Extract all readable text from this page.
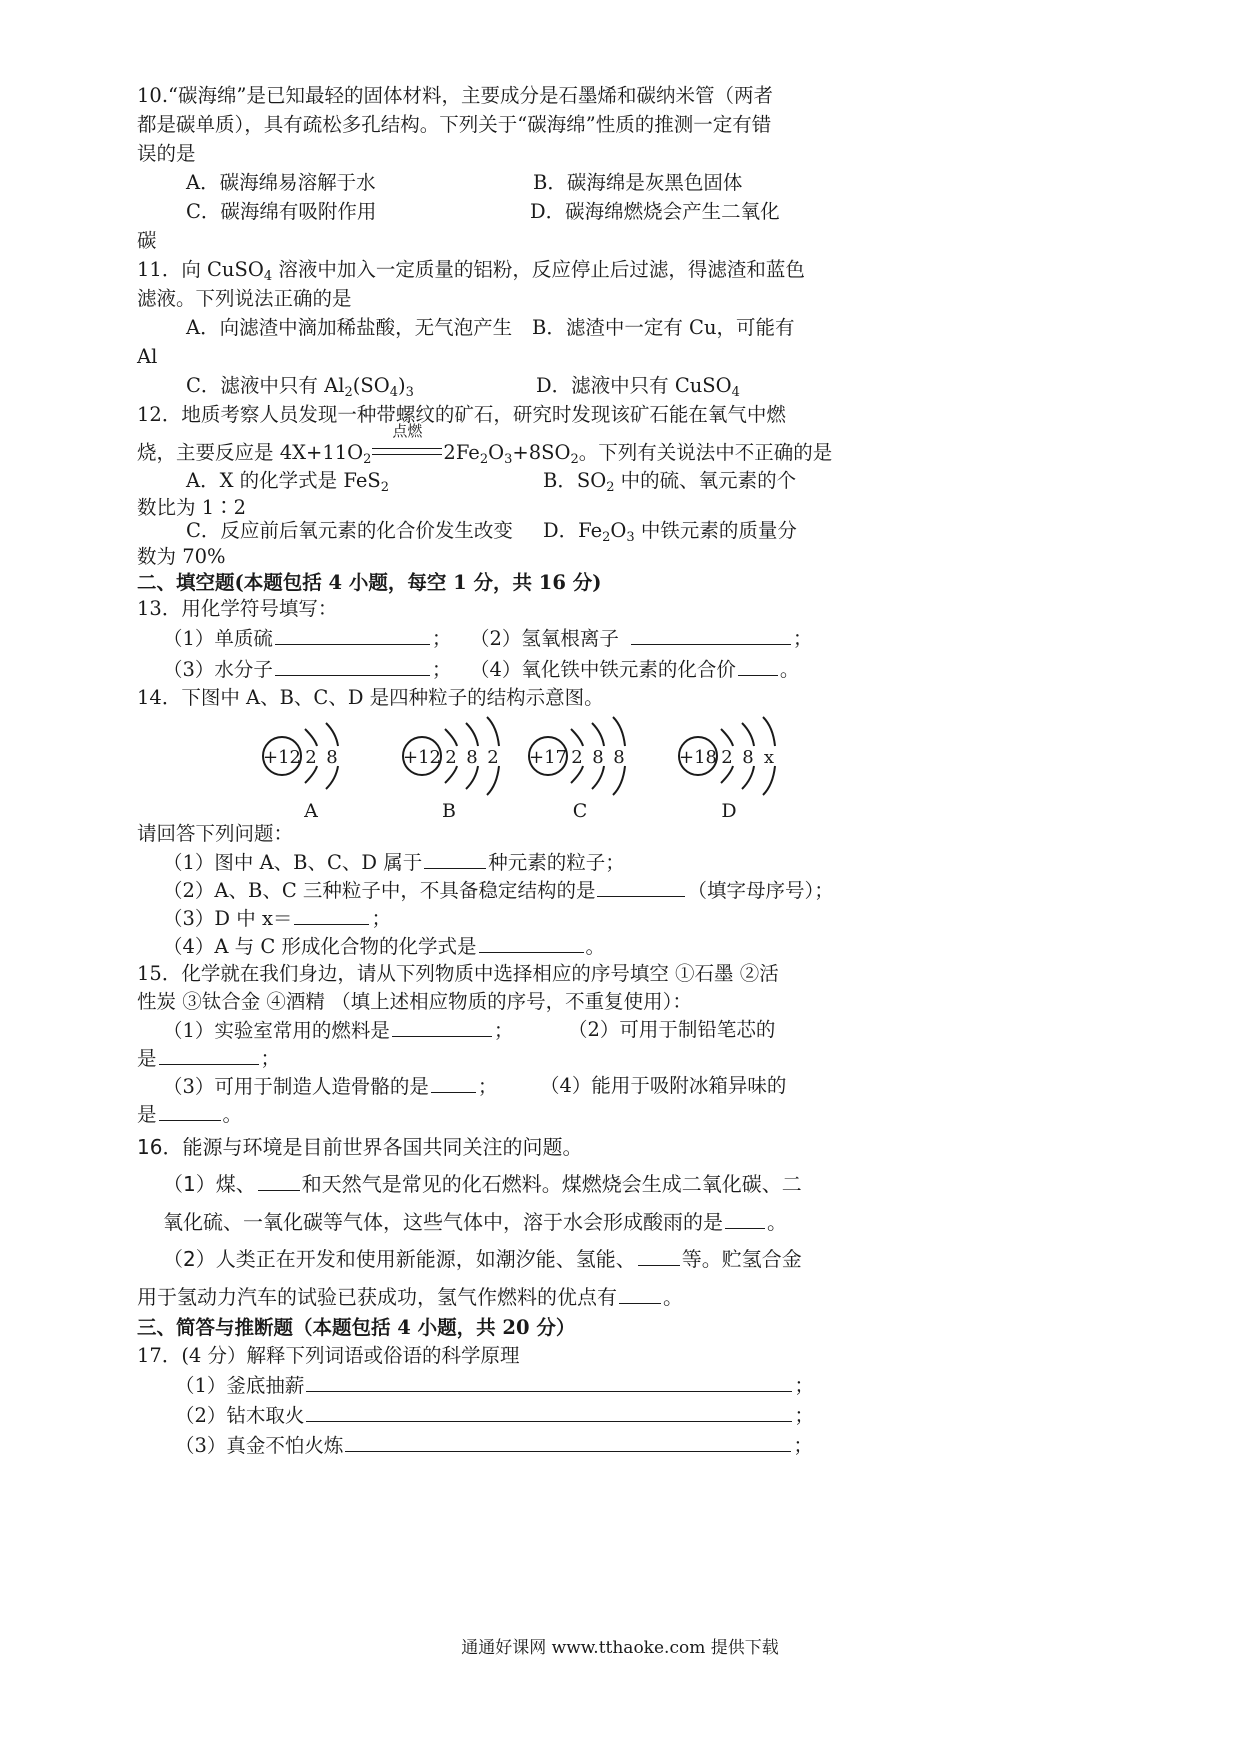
10.“碳海绵”是已知最轻的固体材料，主要成分是石墨烯和碳纳米管（两者
都是碳单质），具有疏松多孔结构。下列关于“碳海绵”性质的推测一定有错
误的是
A．碳海绵易溶解于水	B．碳海绵是灰黑色固体
C．碳海绵有吸附作用	D．碳海绵燃烧会产生二氧化
碳
11．向 CuSO$_4$ 溶液中加入一定质量的铝粉，反应停止后过滤，得滤渣和蓝色
滤液。下列说法正确的是
A．向滤渣中滴加稀盐酸，无气泡产生 B．滤渣中一定有 Cu，可能有
Al
C．滤液中只有 $Al_2(SO_4)_3$	D．滤液中只有 CuSO$_4$
12．地质考察人员发现一种带螺纹的矿石，研究时发现该矿石能在氧气中燃
烧，主要反应是 $4X+11O_2$
点燃
$2Fe_2O_3+8SO_2$。下列有关说法中不正确的是
A．X 的化学式是 FeS$_2$	B．$SO_2$ 中的硫、氧元素的个
数比为 1∶2
C．反应前后氧元素的化合价发生改变 D．$Fe_2O_3$ 中铁元素的质量分
数为 70%
二、填空题(本题包括 4 小题，每空 1 分，共 16 分)
13．用化学符号填写：
（1）单质硫	； （2）氢氧根离子	；
（3）水分子	； （4）氧化铁中铁元素的化合价 。
14．下图中 A、B、C、D 是四种粒子的结构示意图。
+12 2 8	+12 2 8 2 +17 2 8 8	+18 2 8 x
A	B	C	D
请回答下列问题：
（1）图中 A、B、C、D 属于	种元素的粒子；
（2）A、B、C 三种粒子中，不具备稳定结构的是	（填字母序号）；
（3）D 中 x＝	；
（4）A 与 C 形成化合物的化学式是	。
15．化学就在我们身边，请从下列物质中选择相应的序号填空 ①石墨 ②活
性炭 ③钛合金 ④酒精 （填上述相应物质的序号，不重复使用）：
（1）实验室常用的燃料是	；	（2）可用于制铅笔芯的
是	；
（3）可用于制造人造骨骼的是	； （4）能用于吸附冰箱异味的
是	。
16．能源与环境是目前世界各国共同关注的问题。
（1）煤、 和天然气是常见的化石燃料。煤燃烧会生成二氧化碳、二
氧化硫、一氧化碳等气体，这些气体中，溶于水会形成酸雨的是 。
（2）人类正在开发和使用新能源，如潮汐能、氢能、 等。贮氢合金
用于氢动力汽车的试验已获成功，氢气作燃料的优点有 。
三、简答与推断题（本题包括 4 小题，共 20 分）
17．(4 分）解释下列词语或俗语的科学原理
（1）釜底抽薪	；
（2）钻木取火	；
（3）真金不怕火炼	；
通通好课网 www.tthaoke.com 提供下载
